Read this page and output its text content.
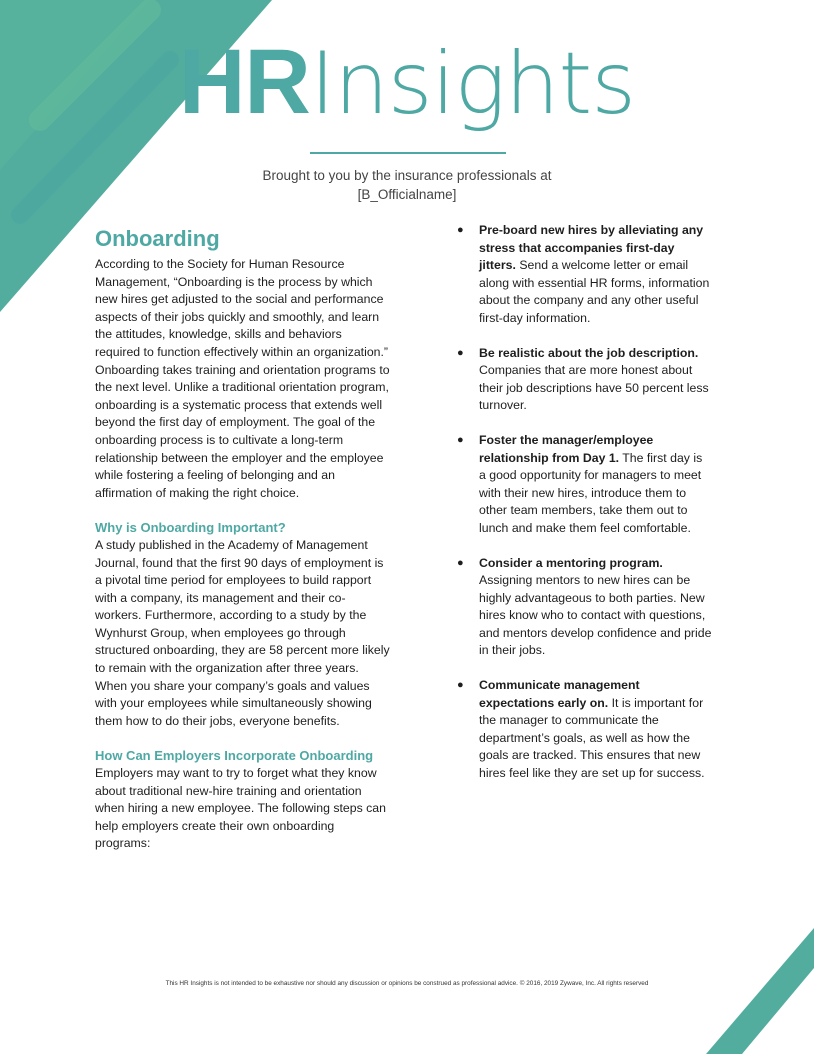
HRInsights
Brought to you by the insurance professionals at
[B_Officialname]
Onboarding

According to the Society for Human Resource Management, “Onboarding is the process by which new hires get adjusted to the social and performance aspects of their jobs quickly and smoothly, and learn the attitudes, knowledge, skills and behaviors required to function effectively within an organization.” Onboarding takes training and orientation programs to the next level. Unlike a traditional orientation program, onboarding is a systematic process that extends well beyond the first day of employment. The goal of the onboarding process is to cultivate a long-term relationship between the employer and the employee while fostering a feeling of belonging and an affirmation of making the right choice.

Why is Onboarding Important?

A study published in the Academy of Management Journal, found that the first 90 days of employment is a pivotal time period for employees to build rapport with a company, its management and their co-workers. Furthermore, according to a study by the Wynhurst Group, when employees go through structured onboarding, they are 58 percent more likely to remain with the organization after three years. When you share your company’s goals and values with your employees while simultaneously showing them how to do their jobs, everyone benefits.

How Can Employers Incorporate Onboarding

Employers may want to try to forget what they know about traditional new-hire training and orientation when hiring a new employee. The following steps can help employers create their own onboarding programs:

●	Pre-board new hires by alleviating any stress that accompanies first-day jitters. Send a welcome letter or email along with essential HR forms, information about the company and any other useful first-day information.

●	Be realistic about the job description. Companies that are more honest about their job descriptions have 50 percent less turnover.

●	Foster the manager/employee relationship from Day 1. The first day is a good opportunity for managers to meet with their new hires, introduce them to other team members, take them out to lunch and make them feel comfortable.

●	Consider a mentoring program. Assigning mentors to new hires can be highly advantageous to both parties. New hires know who to contact with questions, and mentors develop confidence and pride in their jobs.

●	Communicate management expectations early on. It is important for the manager to communicate the department’s goals, as well as how the goals are tracked. This ensures that new hires feel like they are set up for success.

This HR Insights is not intended to be exhaustive nor should any discussion or opinions be construed as professional advice. © 2016, 2019 Zywave, Inc. All rights reserved
